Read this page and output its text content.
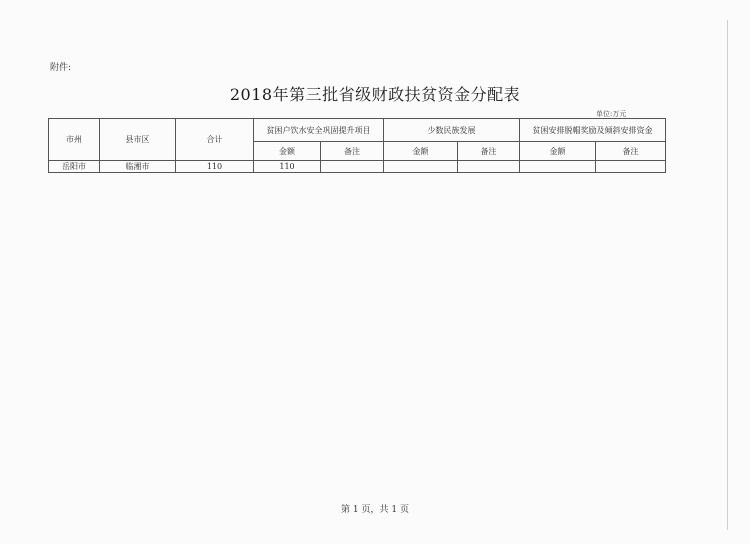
附件:
2018年第三批省级财政扶贫资金分配表
单位:万元
市州	县市区	合计	贫困户饮水安全巩固提升项目		少数民族发展		贫困安排脱帽奖励及倾斜安排资金	
			金额	备注	金额	备注	金额	备注
岳阳市	临湘市	110	110					
第 1 页，共 1 页
